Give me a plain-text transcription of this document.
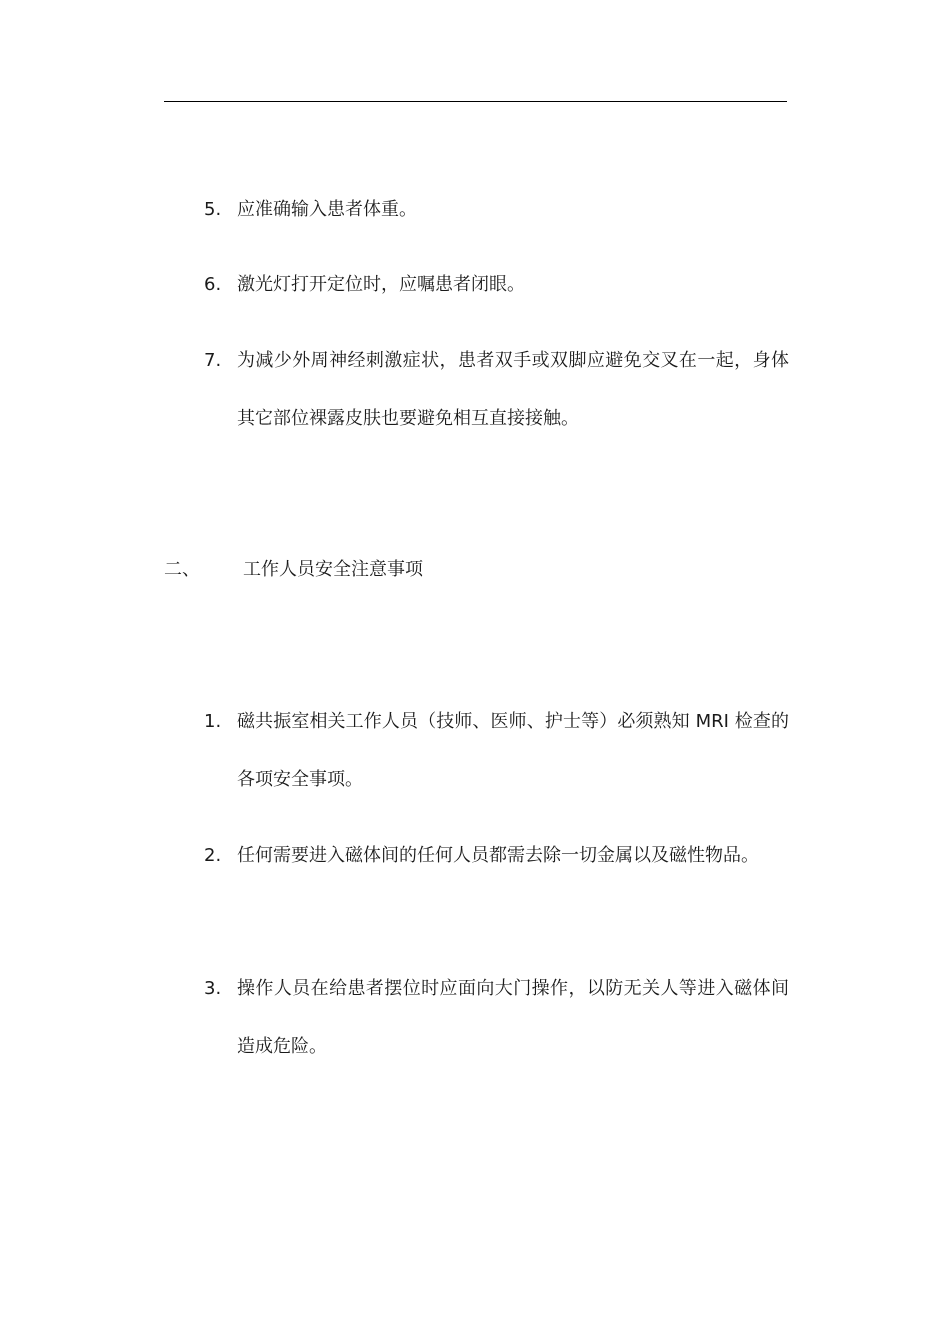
5. 应准确输入患者体重。
6. 激光灯打开定位时，应嘱患者闭眼。
7. 为减少外周神经刺激症状，患者双手或双脚应避免交叉在一起，身体其它部位裸露皮肤也要避免相互直接接触。
二、 工作人员安全注意事项
1. 磁共振室相关工作人员（技师、医师、护士等）必须熟知 MRI 检查的各项安全事项。
2. 任何需要进入磁体间的任何人员都需去除一切金属以及磁性物品。
3. 操作人员在给患者摆位时应面向大门操作，以防无关人等进入磁体间造成危险。
